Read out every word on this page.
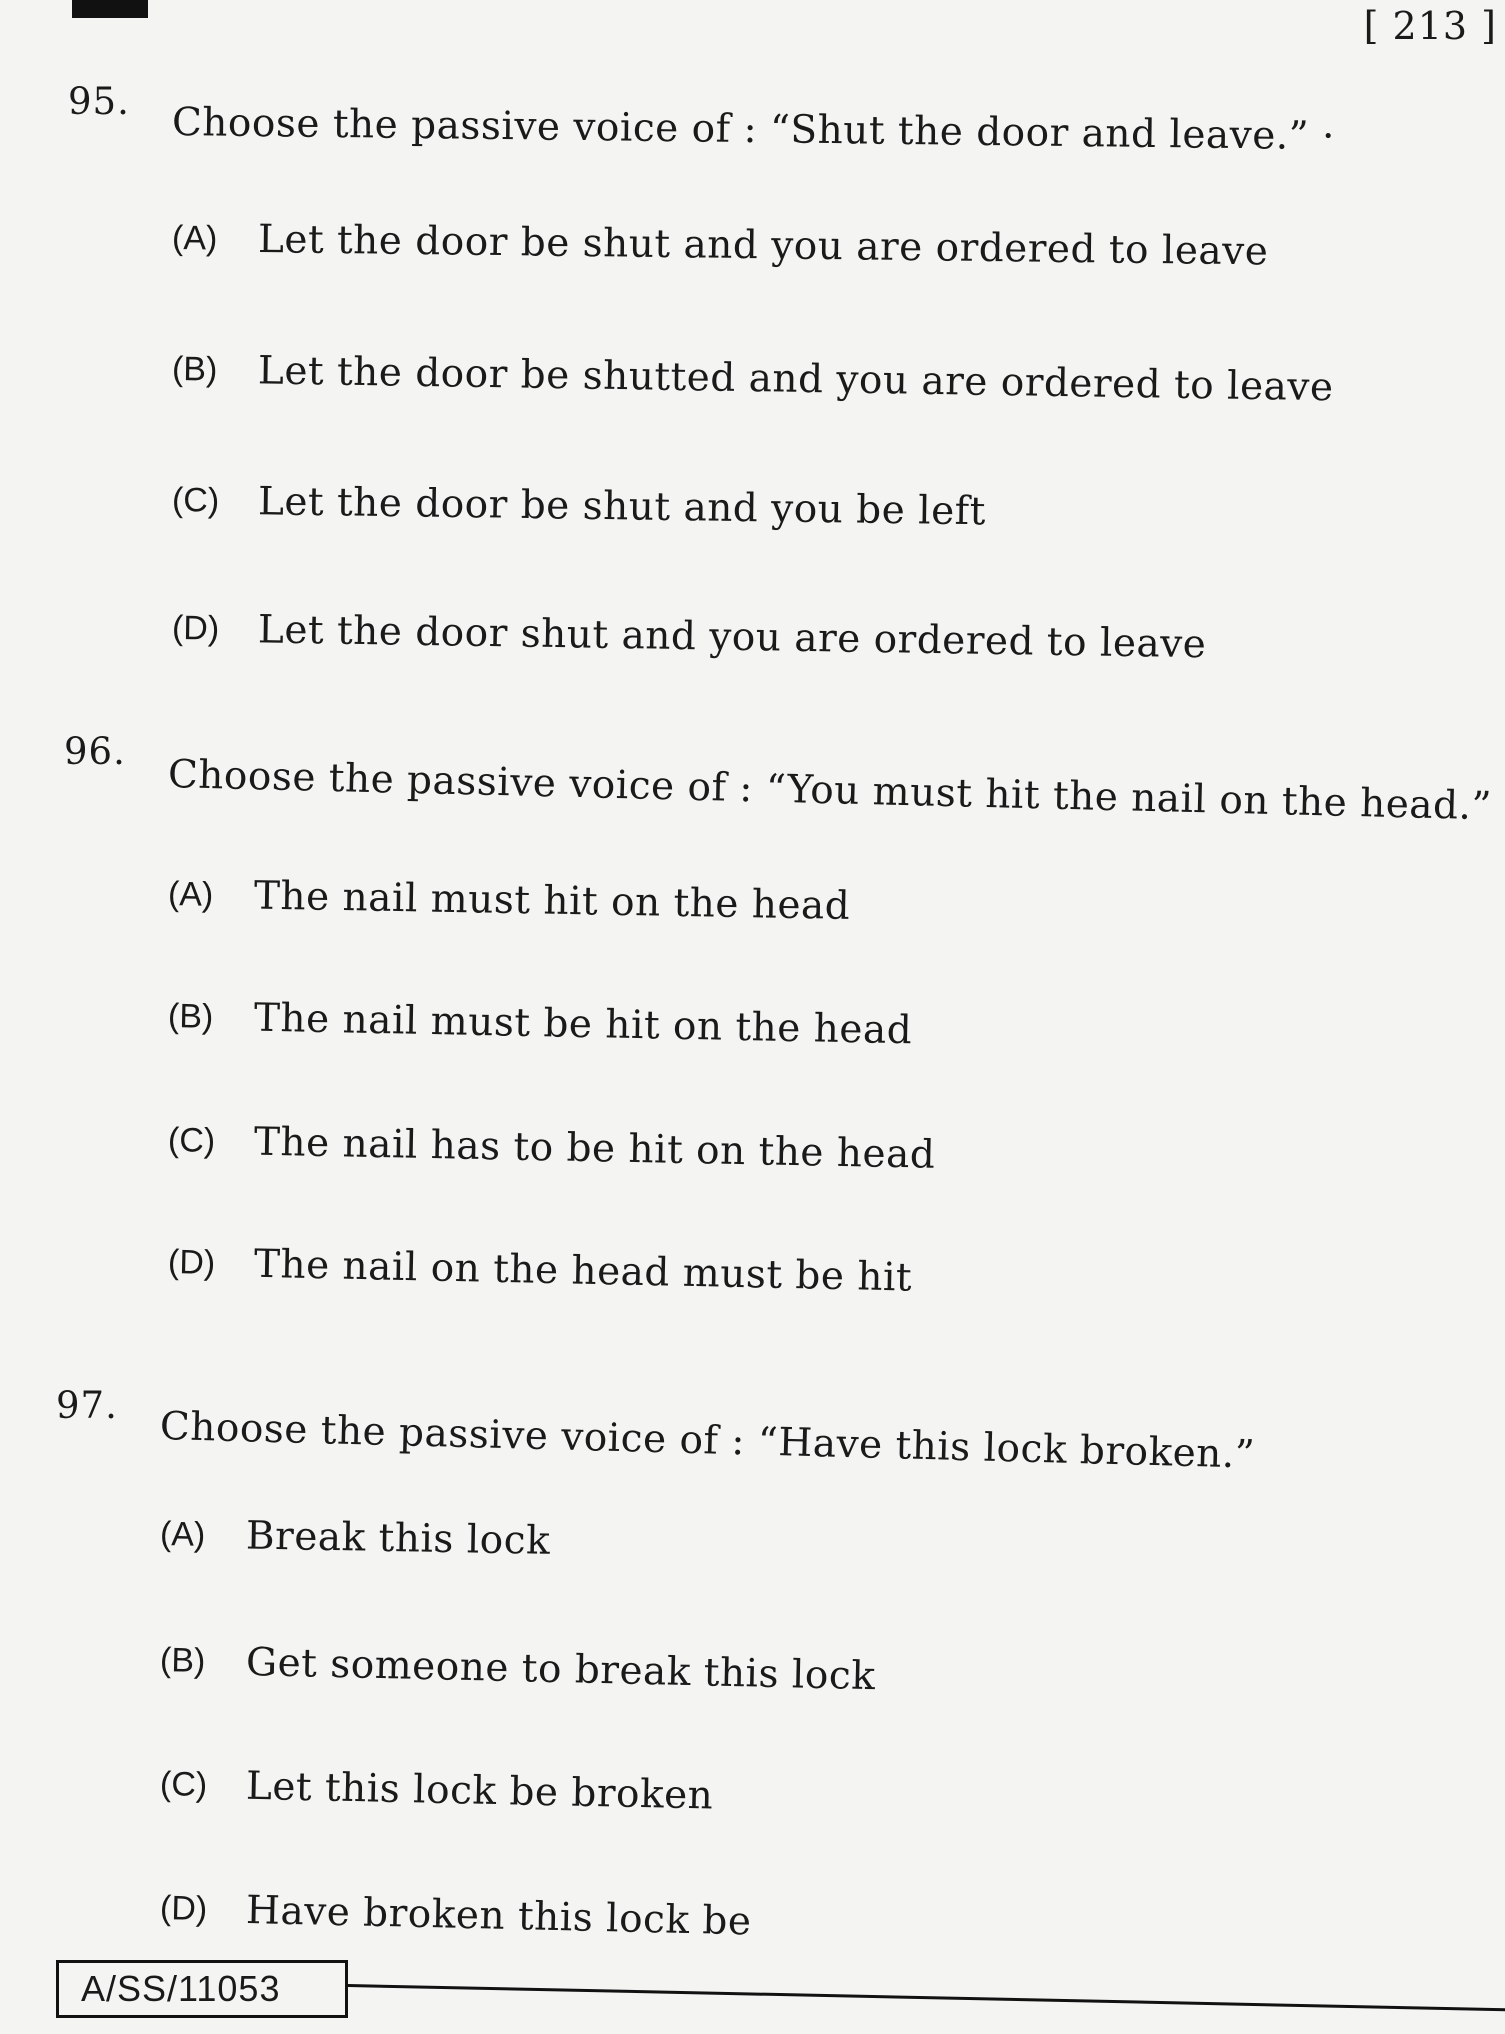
[ 213 ]
95. Choose the passive voice of : “Shut the door and leave.” ·
(A) Let the door be shut and you are ordered to leave
(B) Let the door be shutted and you are ordered to leave
(C) Let the door be shut and you be left
(D) Let the door shut and you are ordered to leave
96.
Choose the passive voice of : “You must hit the nail on the head.”
(A) The nail must hit on the head
(B) The nail must be hit on the head
(C) The nail has to be hit on the head
(D) The nail on the head must be hit
97. Choose the passive voice of : “Have this lock broken.”
(A) Break this lock
(B) Get someone to break this lock
(C) Let this lock be broken
(D) Have broken this lock be
A/SS/11053
